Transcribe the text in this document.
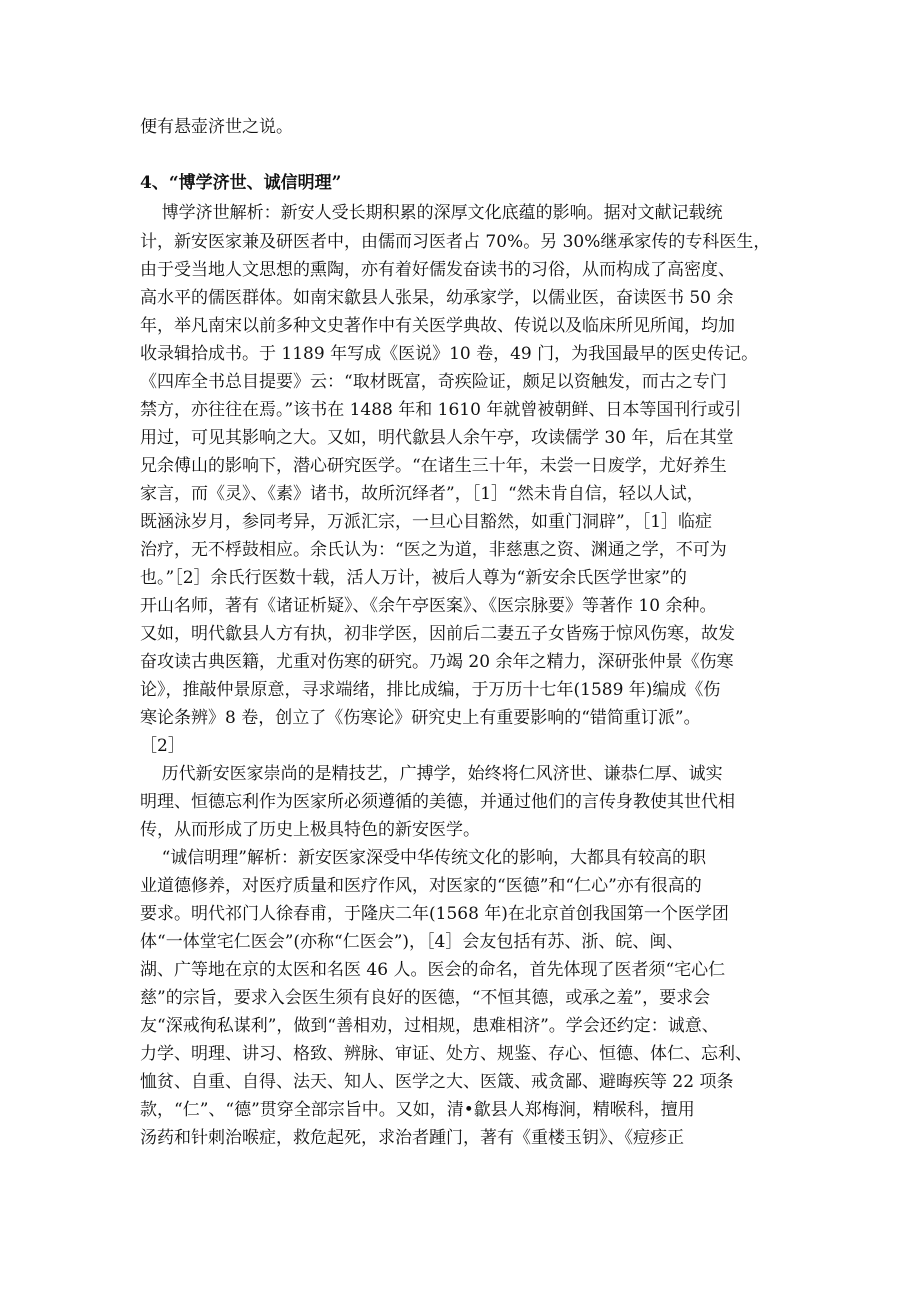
便有悬壶济世之说。
4、“博学济世、诚信明理”
博学济世解析：新安人受长期积累的深厚文化底蕴的影响。据对文献记载统
计，新安医家兼及研医者中，由儒而习医者占 70%。另 30%继承家传的专科医生，
由于受当地人文思想的熏陶，亦有着好儒发奋读书的习俗，从而构成了高密度、
高水平的儒医群体。如南宋歙县人张杲，幼承家学，以儒业医，奋读医书 50 余
年，举凡南宋以前多种文史著作中有关医学典故、传说以及临床所见所闻，均加
收录辑拾成书。于 1189 年写成《医说》10 卷，49 门，为我国最早的医史传记。
《四库全书总目提要》云：“取材既富，奇疾险证，颇足以资触发，而古之专门
禁方，亦往往在焉。”该书在 1488 年和 1610 年就曾被朝鲜、日本等国刊行或引
用过，可见其影响之大。又如，明代歙县人余午亭，攻读儒学 30 年，后在其堂
兄余傅山的影响下，潜心研究医学。“在诸生三十年，未尝一日废学，尤好养生
家言，而《灵》、《素》诸书，故所沉绎者”，［1］“然未肯自信，轻以人试，
既涵泳岁月，参同考异，万派汇宗，一旦心目豁然，如重门洞辟”，［1］临症
治疗，无不桴鼓相应。余氏认为：“医之为道，非慈惠之资、渊通之学，不可为
也。”［2］余氏行医数十载，活人万计，被后人尊为“新安余氏医学世家”的
开山名师，著有《诸证析疑》、《余午亭医案》、《医宗脉要》等著作 10 余种。
又如，明代歙县人方有执，初非学医，因前后二妻五子女皆殇于惊风伤寒，故发
奋攻读古典医籍，尤重对伤寒的研究。乃竭 20 余年之精力，深研张仲景《伤寒
论》，推敲仲景原意，寻求端绪，排比成编，于万历十七年(1589 年)编成《伤
寒论条辨》8 卷，创立了《伤寒论》研究史上有重要影响的“错简重订派”。
［2］
历代新安医家崇尚的是精技艺，广搏学，始终将仁风济世、谦恭仁厚、诚实
明理、恒德忘利作为医家所必须遵循的美德，并通过他们的言传身教使其世代相
传，从而形成了历史上极具特色的新安医学。
“诚信明理”解析：新安医家深受中华传统文化的影响，大都具有较高的职
业道德修养，对医疗质量和医疗作风，对医家的“医德”和“仁心”亦有很高的
要求。明代祁门人徐春甫，于隆庆二年(1568 年)在北京首创我国第一个医学团
体“一体堂宅仁医会”(亦称“仁医会”)，［4］会友包括有苏、浙、皖、闽、
湖、广等地在京的太医和名医 46 人。医会的命名，首先体现了医者须“宅心仁
慈”的宗旨，要求入会医生须有良好的医德，“不恒其德，或承之羞”，要求会
友“深戒徇私谋利”，做到“善相劝，过相规，患难相济”。学会还约定：诚意、
力学、明理、讲习、格致、辨脉、审证、处方、规鉴、存心、恒德、体仁、忘利、
恤贫、自重、自得、法天、知人、医学之大、医箴、戒贪鄙、避晦疾等 22 项条
款，“仁”、“德”贯穿全部宗旨中。又如，清•歙县人郑梅涧，精喉科，擅用
汤药和针刺治喉症，救危起死，求治者踵门，著有《重楼玉钥》、《痘疹正
